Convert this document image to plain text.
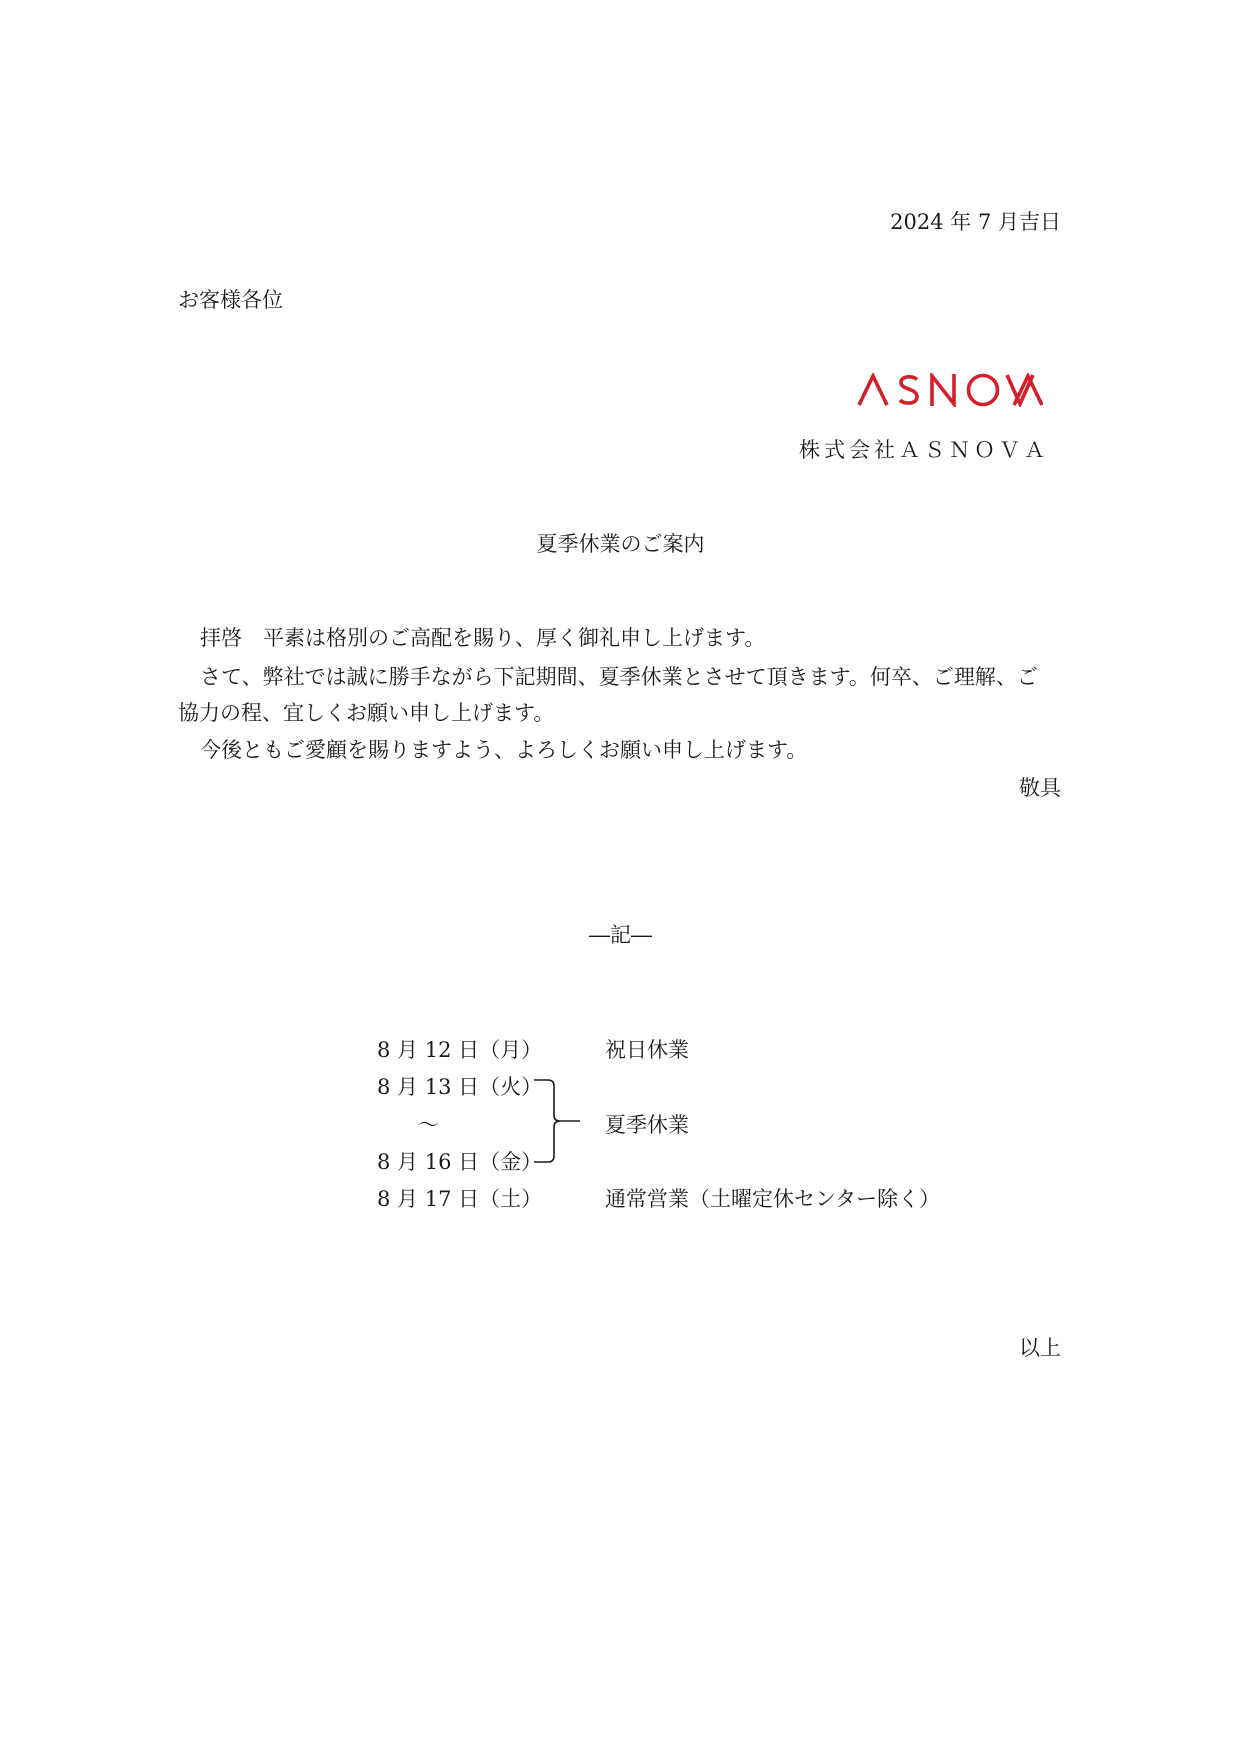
2024 年 7 月吉日
お客様各位
株式会社ＡＳＮＯＶＡ
夏季休業のご案内
拝啓　平素は格別のご高配を賜り、厚く御礼申し上げます。
さて、弊社では誠に勝手ながら下記期間、夏季休業とさせて頂きます。何卒、ご理解、ご
協力の程、宜しくお願い申し上げます。
今後ともご愛顧を賜りますよう、よろしくお願い申し上げます。
敬具
―記―
8 月 12 日（月）	祝日休業
8 月 13 日（火）
～	夏季休業
8 月 16 日（金）
8 月 17 日（土）	通常営業（土曜定休センター除く）
以上
